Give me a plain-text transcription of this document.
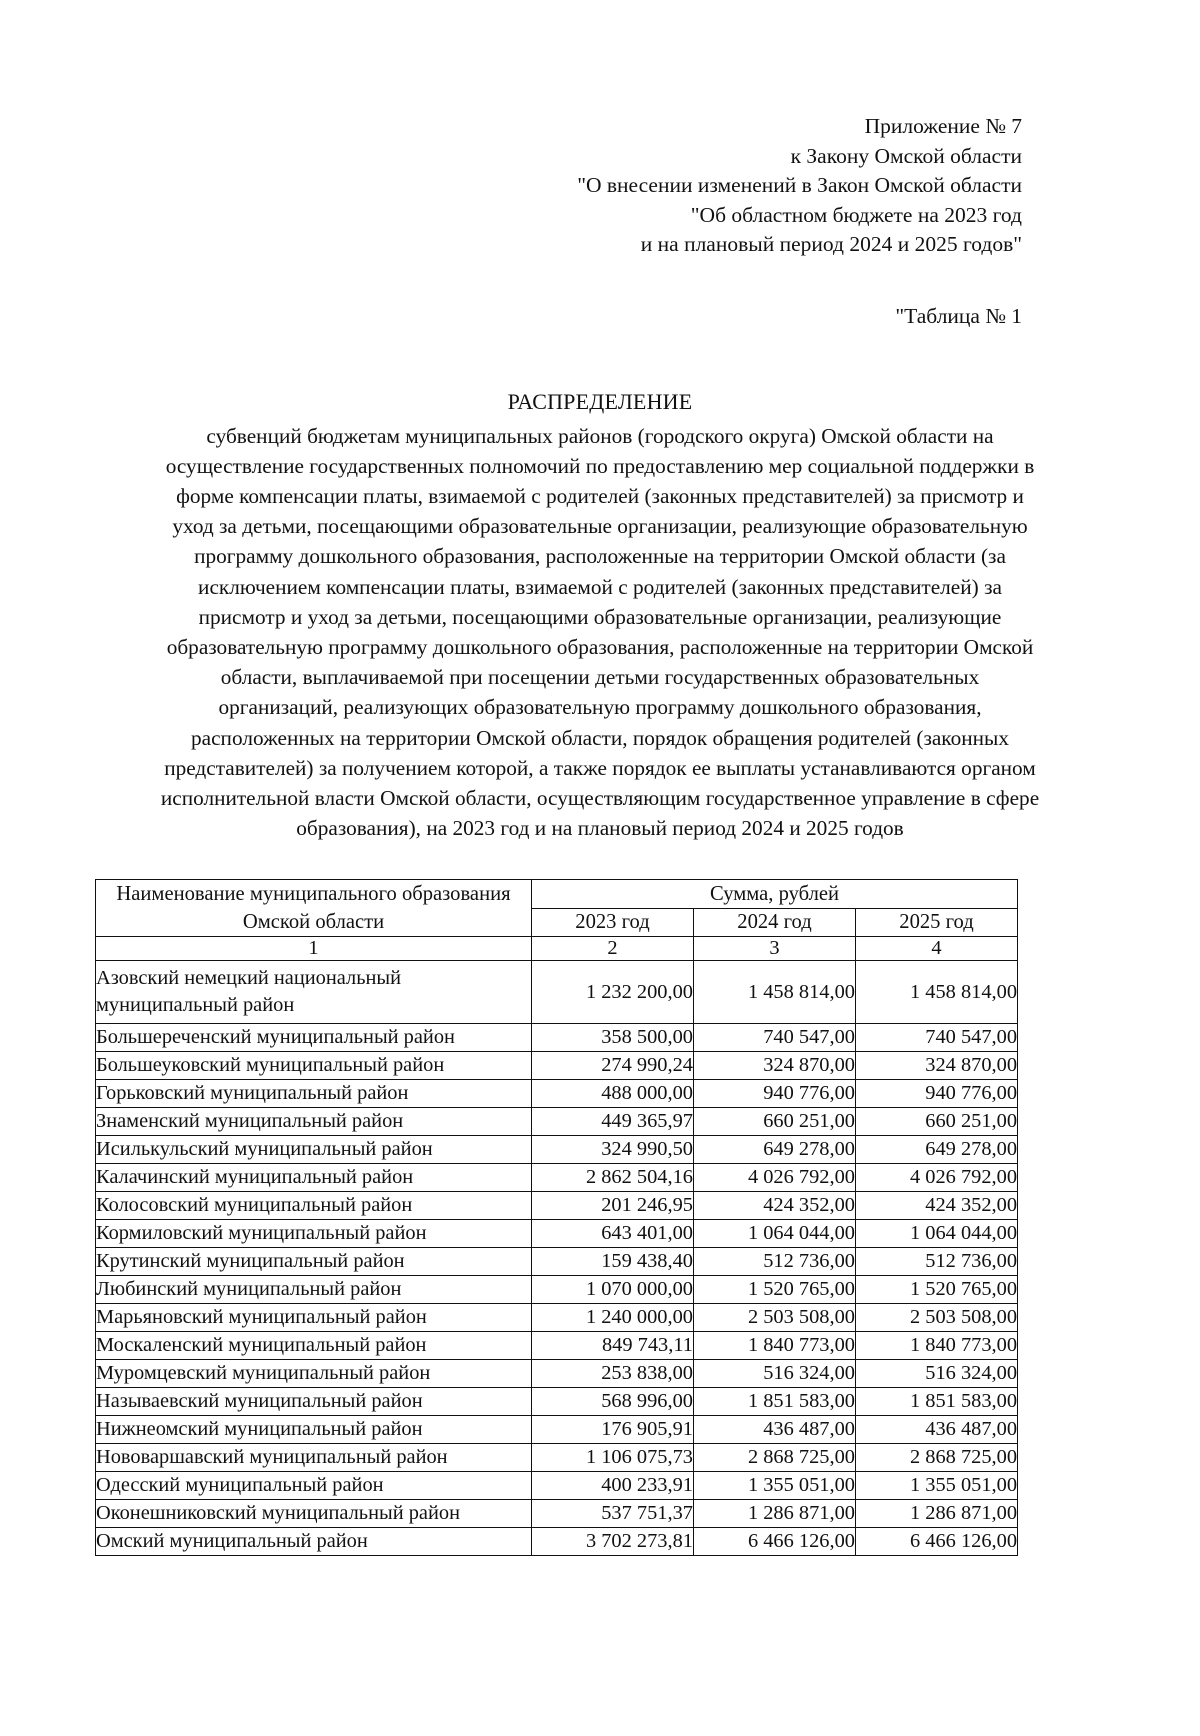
Приложение № 7
к Закону Омской области
"О внесении изменений в Закон Омской области
"Об областном бюджете на 2023 год
и на плановый период 2024 и 2025 годов"
"Таблица № 1
РАСПРЕДЕЛЕНИЕ
субвенций бюджетам муниципальных районов (городского округа) Омской области на
осуществление государственных полномочий по предоставлению мер социальной поддержки в
форме компенсации платы, взимаемой с родителей (законных представителей) за присмотр и
уход за детьми, посещающими образовательные организации, реализующие образовательную
программу дошкольного образования, расположенные на территории Омской области (за
исключением компенсации платы, взимаемой с родителей (законных представителей) за
присмотр и уход за детьми, посещающими образовательные организации, реализующие
образовательную программу дошкольного образования, расположенные на территории Омской
области, выплачиваемой при посещении детьми государственных образовательных
организаций, реализующих образовательную программу дошкольного образования,
расположенных на территории Омской области, порядок обращения родителей (законных
представителей) за получением которой, а также порядок ее выплаты устанавливаются органом
исполнительной власти Омской области, осуществляющим государственное управление в сфере
образования), на 2023 год и на плановый период 2024 и 2025 годов
Наименование муниципального образования Омской области	Сумма, рублей		
	2023 год	2024 год	2025 год
1	2	3	4
Азовский немецкий национальный муниципальный район	1 232 200,00	1 458 814,00	1 458 814,00
Большереченский муниципальный район	358 500,00	740 547,00	740 547,00
Большеуковский муниципальный район	274 990,24	324 870,00	324 870,00
Горьковский муниципальный район	488 000,00	940 776,00	940 776,00
Знаменский муниципальный район	449 365,97	660 251,00	660 251,00
Исилькульский муниципальный район	324 990,50	649 278,00	649 278,00
Калачинский муниципальный район	2 862 504,16	4 026 792,00	4 026 792,00
Колосовский муниципальный район	201 246,95	424 352,00	424 352,00
Кормиловский муниципальный район	643 401,00	1 064 044,00	1 064 044,00
Крутинский муниципальный район	159 438,40	512 736,00	512 736,00
Любинский муниципальный район	1 070 000,00	1 520 765,00	1 520 765,00
Марьяновский муниципальный район	1 240 000,00	2 503 508,00	2 503 508,00
Москаленский муниципальный район	849 743,11	1 840 773,00	1 840 773,00
Муромцевский муниципальный район	253 838,00	516 324,00	516 324,00
Называевский муниципальный район	568 996,00	1 851 583,00	1 851 583,00
Нижнеомский муниципальный район	176 905,91	436 487,00	436 487,00
Нововаршавский муниципальный район	1 106 075,73	2 868 725,00	2 868 725,00
Одесский муниципальный район	400 233,91	1 355 051,00	1 355 051,00
Оконешниковский муниципальный район	537 751,37	1 286 871,00	1 286 871,00
Омский муниципальный район	3 702 273,81	6 466 126,00	6 466 126,00
